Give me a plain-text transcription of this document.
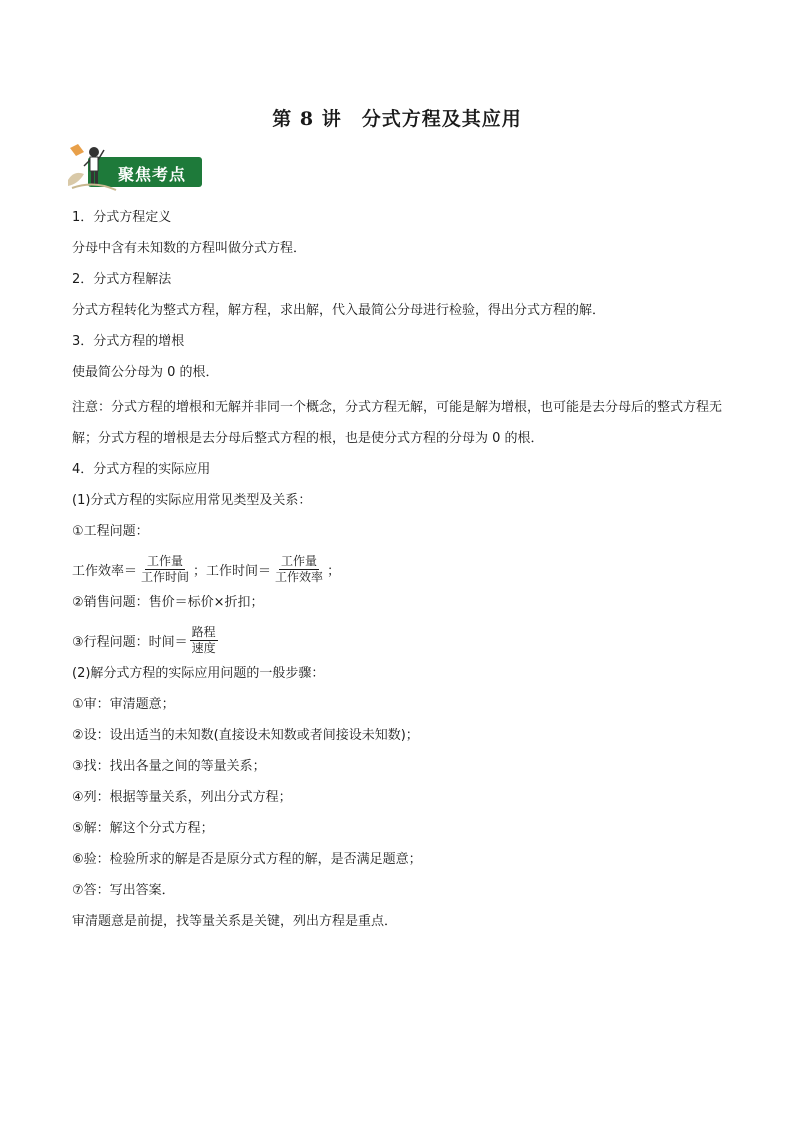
第 8 讲　分式方程及其应用
聚焦考点
1．分式方程定义
分母中含有未知数的方程叫做分式方程．
2．分式方程解法
分式方程转化为整式方程，解方程，求出解，代入最简公分母进行检验，得出分式方程的解．
3．分式方程的增根
使最简公分母为 0 的根．
注意：分式方程的增根和无解并非同一个概念，分式方程无解，可能是解为增根，也可能是去分母后的整式方程无解；分式方程的增根是去分母后整式方程的根，也是使分式方程的分母为 0 的根．
4．分式方程的实际应用
(1)分式方程的实际应用常见类型及关系：
①工程问题：
工作效率＝ $\frac{\text{工作量}}{\text{工作时间}}$ ；工作时间＝ $\frac{\text{工作量}}{\text{工作效率}}$ ；
②销售问题：售价＝标价×折扣；
③行程问题：时间＝ $\frac{\text{路程}}{\text{速度}}$
(2)解分式方程的实际应用问题的一般步骤：
①审：审清题意；
②设：设出适当的未知数(直接设未知数或者间接设未知数)；
③找：找出各量之间的等量关系；
④列：根据等量关系，列出分式方程；
⑤解：解这个分式方程；
⑥验：检验所求的解是否是原分式方程的解，是否满足题意；
⑦答：写出答案．
审清题意是前提，找等量关系是关键，列出方程是重点．
